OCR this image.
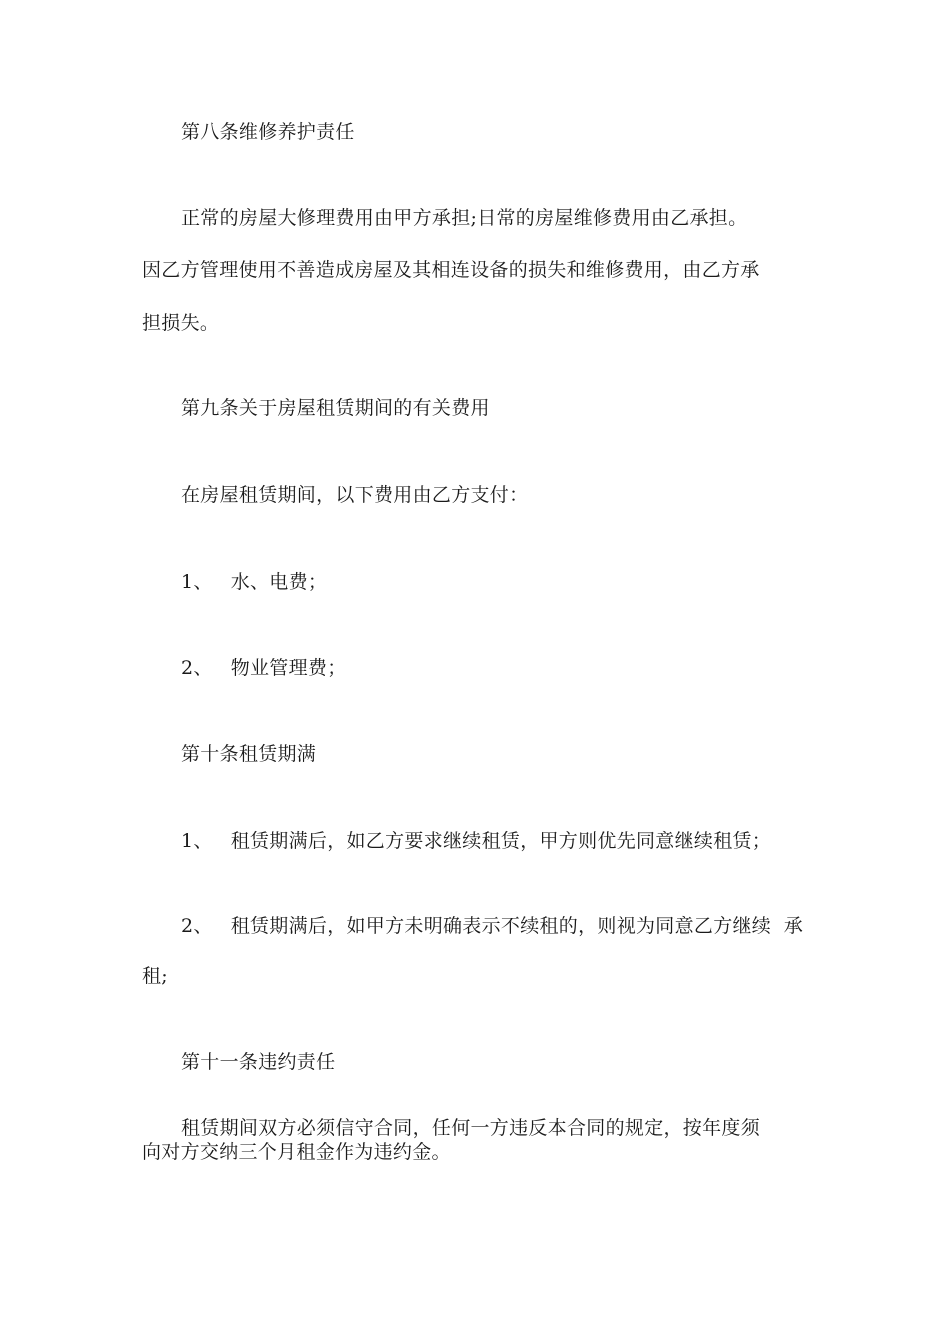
第八条维修养护责任
正常的房屋大修理费用由甲方承担;日常的房屋维修费用由乙承担。
因乙方管理使用不善造成房屋及其相连设备的损失和维修费用，由乙方承
担损失。
第九条关于房屋租赁期间的有关费用
在房屋租赁期间，以下费用由乙方支付：
1、 水、电费；
2、 物业管理费；
第十条租赁期满
1、 租赁期满后，如乙方要求继续租赁，甲方则优先同意继续租赁；
2、 租赁期满后，如甲方未明确表示不续租的，则视为同意乙方继续  承
租;
第十一条违约责任
租赁期间双方必须信守合同，任何一方违反本合同的规定，按年度须
向对方交纳三个月租金作为违约金。
